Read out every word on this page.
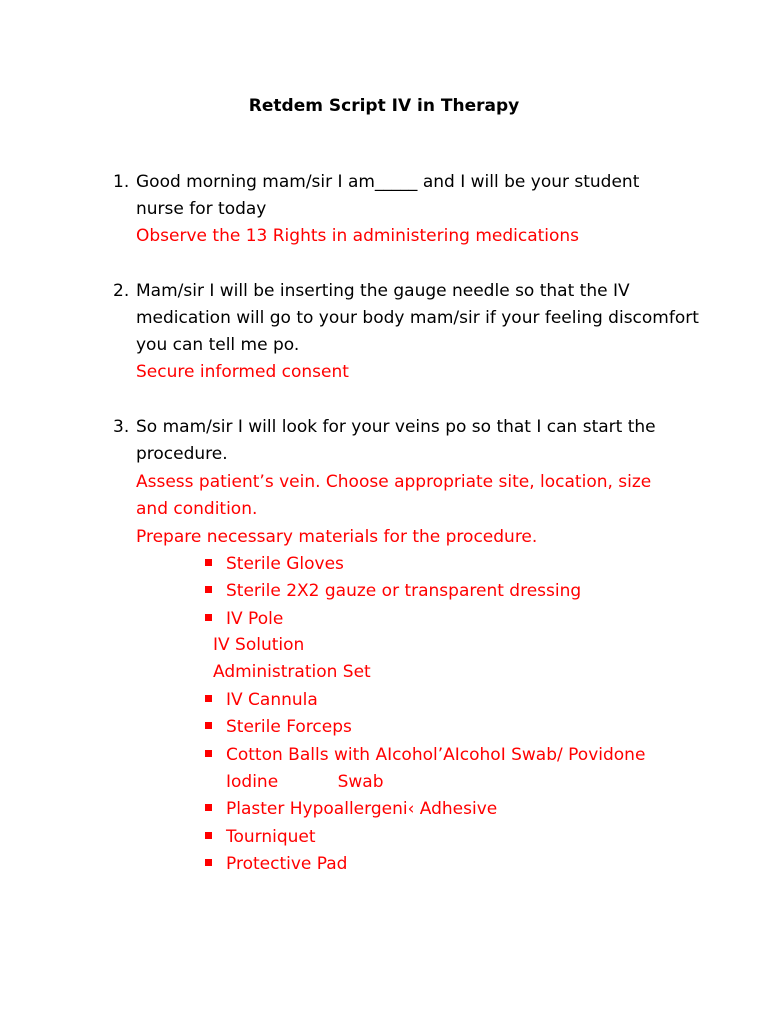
Retdem Script IV in Therapy
1. Good morning mam/sir I am_____ and I will be your student
nurse for today
Observe the 13 Rights in administering medications
2. Mam/sir I will be inserting the gauge needle so that the IV
medication will go to your body mam/sir if your feeling discomfort
you can tell me po.
Secure informed consent
3. So mam/sir I will look for your veins po so that I can start the
procedure.
Assess patient’s vein. Choose appropriate site, location, size
and condition.
Prepare necessary materials for the procedure.
Sterile Gloves
Sterile 2X2 gauze or transparent dressing
IV Pole
IV Solution
Administration Set
IV Cannula
Sterile Forceps
Cotton Balls with AIcohol’AIcohoI Swab/ Povidone
Iodine           Swab
Plaster Hypoallergeni‹ Adhesive
Tourniquet
Protective Pad
